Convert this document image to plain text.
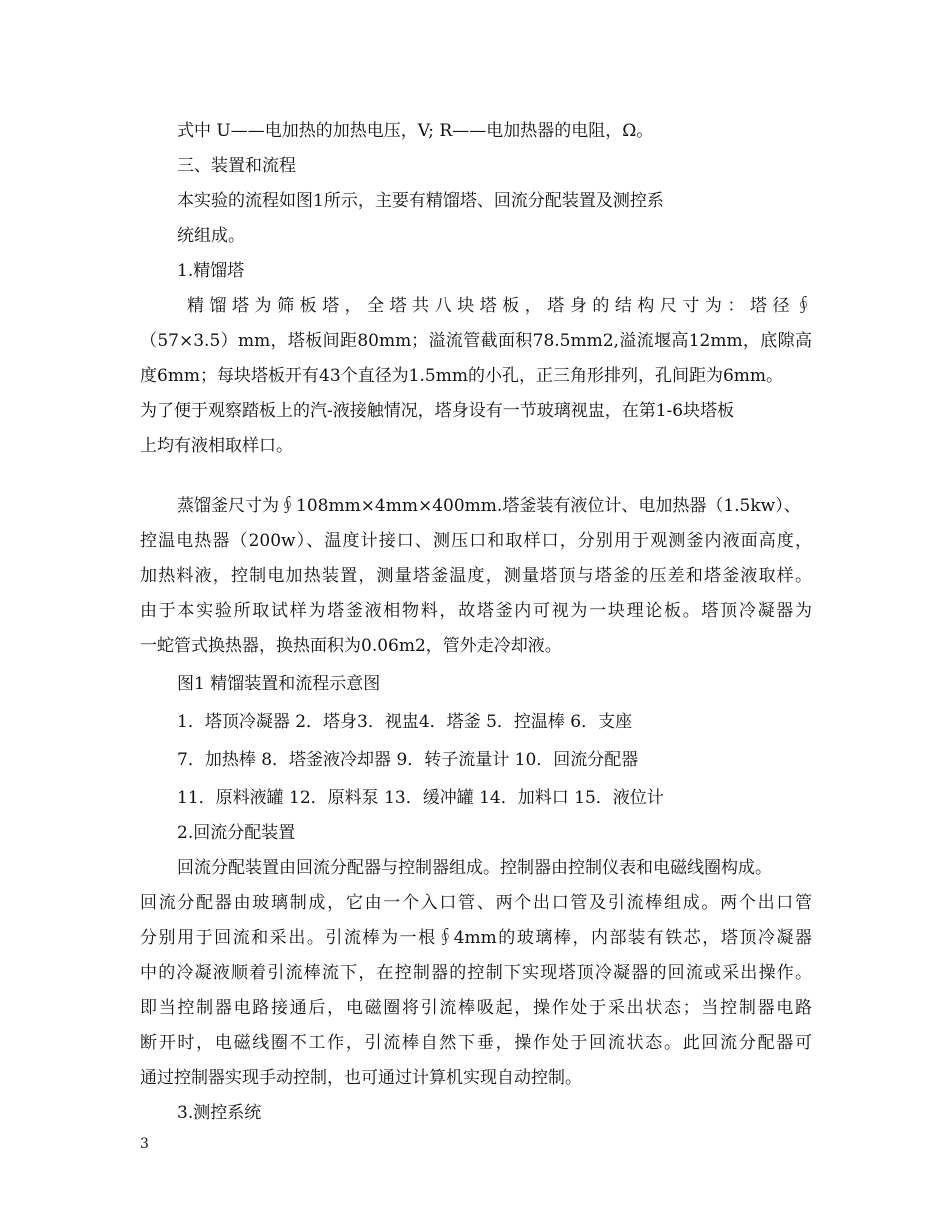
式中 U——电加热的加热电压，V; R——电加热器的电阻，Ω。
三、装置和流程
本实验的流程如图1所示，主要有精馏塔、回流分配装置及测控系
统组成。
1.精馏塔
精馏塔为筛板塔，全塔共八块塔板，塔身的结构尺寸为：塔径∮
（57×3.5）mm，塔板间距80mm；溢流管截面积78.5mm2,溢流堰高12mm，底隙高
度6mm；每块塔板开有43个直径为1.5mm的小孔，正三角形排列，孔间距为6mm。
为了便于观察踏板上的汽-液接触情况，塔身设有一节玻璃视盅，在第1-6块塔板
上均有液相取样口。
蒸馏釜尺寸为∮108mm×4mm×400mm.塔釜装有液位计、电加热器（1.5kw）、
控温电热器（200w）、温度计接口、测压口和取样口，分别用于观测釜内液面高度，
加热料液，控制电加热装置，测量塔釜温度，测量塔顶与塔釜的压差和塔釜液取样。
由于本实验所取试样为塔釜液相物料，故塔釜内可视为一块理论板。塔顶冷凝器为
一蛇管式换热器，换热面积为0.06m2，管外走冷却液。
图1 精馏装置和流程示意图
1．塔顶冷凝器 2．塔身3．视盅4．塔釜 5．控温棒 6．支座
7．加热棒 8．塔釜液冷却器 9．转子流量计 10．回流分配器
11．原料液罐 12．原料泵 13．缓冲罐 14．加料口 15．液位计
2.回流分配装置
回流分配装置由回流分配器与控制器组成。控制器由控制仪表和电磁线圈构成。
回流分配器由玻璃制成，它由一个入口管、两个出口管及引流棒组成。两个出口管
分别用于回流和采出。引流棒为一根∮4mm的玻璃棒，内部装有铁芯，塔顶冷凝器
中的冷凝液顺着引流棒流下，在控制器的控制下实现塔顶冷凝器的回流或采出操作。
即当控制器电路接通后，电磁圈将引流棒吸起，操作处于采出状态；当控制器电路
断开时，电磁线圈不工作，引流棒自然下垂，操作处于回流状态。此回流分配器可
通过控制器实现手动控制，也可通过计算机实现自动控制。
3.测控系统
3
